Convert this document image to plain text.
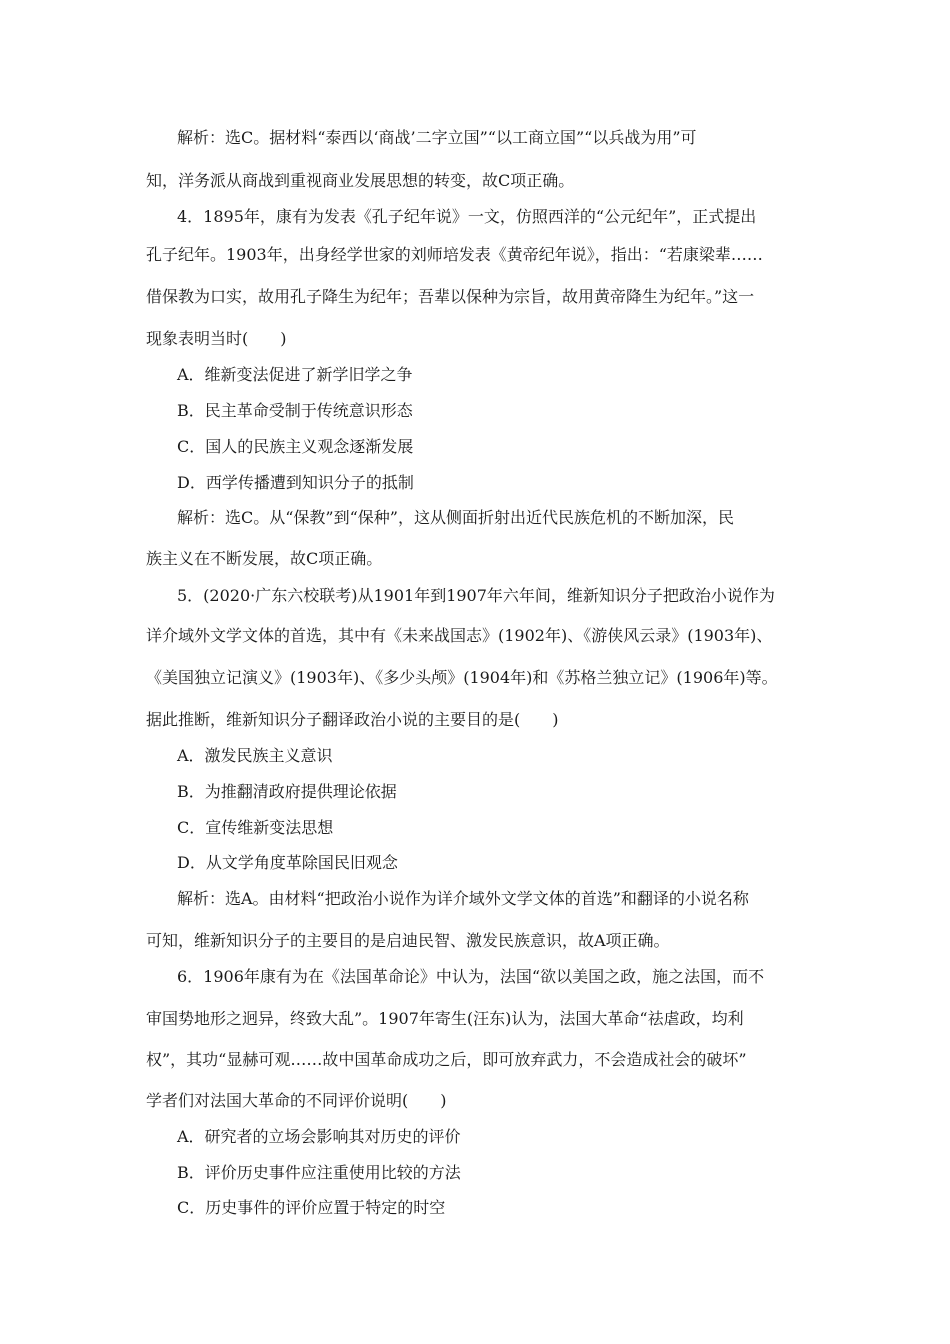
解析：选C。据材料“泰西以‘商战’二字立国”“以工商立国”“以兵战为用”可
知，洋务派从商战到重视商业发展思想的转变，故C项正确。
4．1895年，康有为发表《孔子纪年说》一文，仿照西洋的“公元纪年”，正式提出
孔子纪年。1903年，出身经学世家的刘师培发表《黄帝纪年说》，指出：“若康梁辈……
借保教为口实，故用孔子降生为纪年；吾辈以保种为宗旨，故用黄帝降生为纪年。”这一
现象表明当时(　　)
A．维新变法促进了新学旧学之争
B．民主革命受制于传统意识形态
C．国人的民族主义观念逐渐发展
D．西学传播遭到知识分子的抵制
解析：选C。从“保教”到“保种”，这从侧面折射出近代民族危机的不断加深，民
族主义在不断发展，故C项正确。
5．(2020·广东六校联考)从1901年到1907年六年间，维新知识分子把政治小说作为
详介域外文学文体的首选，其中有《未来战国志》(1902年)、《游侠风云录》(1903年)、
《美国独立记演义》(1903年)、《多少头颅》(1904年)和《苏格兰独立记》(1906年)等。
据此推断，维新知识分子翻译政治小说的主要目的是(　　)
A．激发民族主义意识
B．为推翻清政府提供理论依据
C．宣传维新变法思想
D．从文学角度革除国民旧观念
解析：选A。由材料“把政治小说作为详介域外文学文体的首选”和翻译的小说名称
可知，维新知识分子的主要目的是启迪民智、激发民族意识，故A项正确。
6．1906年康有为在《法国革命论》中认为，法国“欲以美国之政，施之法国，而不
审国势地形之迥异，终致大乱”。1907年寄生(汪东)认为，法国大革命“祛虐政，均利
权”，其功“显赫可观……故中国革命成功之后，即可放弃武力，不会造成社会的破坏”
学者们对法国大革命的不同评价说明(　　)
A．研究者的立场会影响其对历史的评价
B．评价历史事件应注重使用比较的方法
C．历史事件的评价应置于特定的时空
